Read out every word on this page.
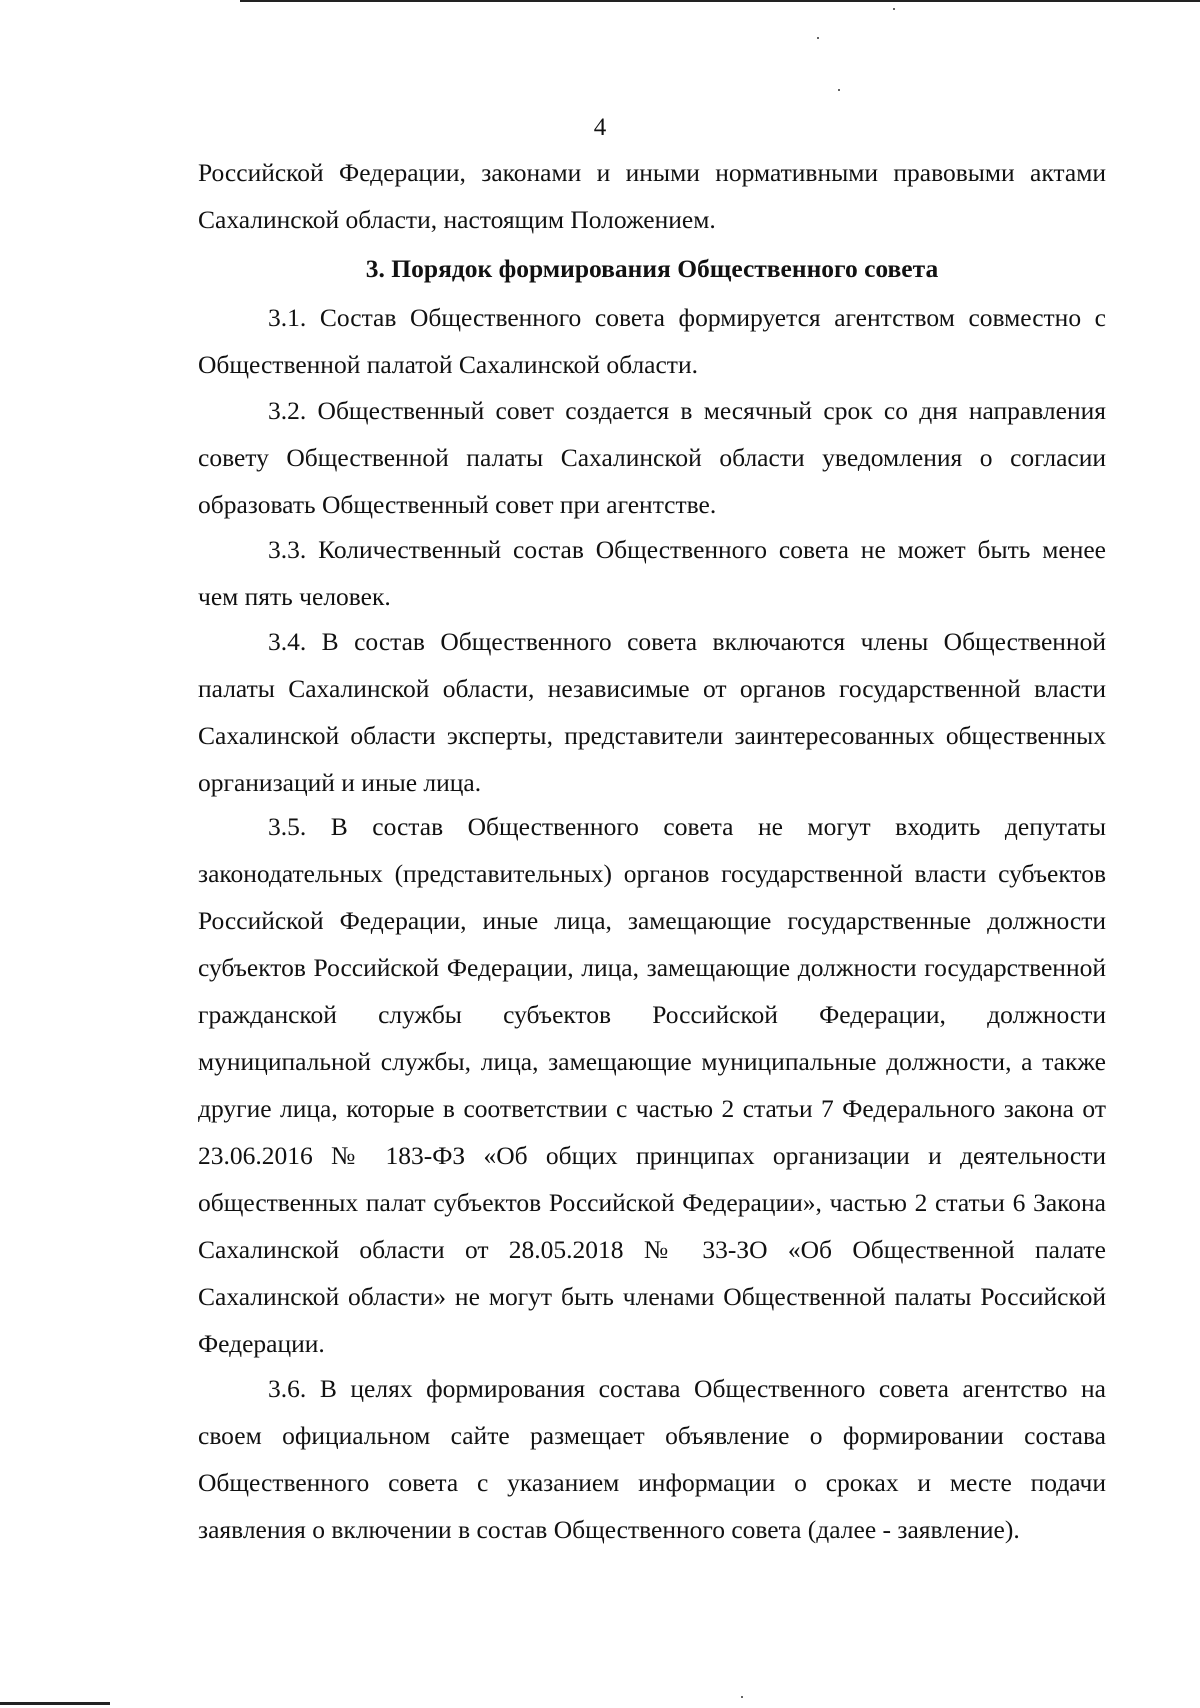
4

Российской Федерации, законами и иными нормативными правовыми актами Сахалинской области, настоящим Положением.

3. Порядок формирования Общественного совета

3.1. Состав Общественного совета формируется агентством совместно с Общественной палатой Сахалинской области.

3.2. Общественный совет создается в месячный срок со дня направления совету Общественной палаты Сахалинской области уведомления о согласии образовать Общественный совет при агентстве.

3.3. Количественный состав Общественного совета не может быть менее чем пять человек.

3.4. В состав Общественного совета включаются члены Общественной палаты Сахалинской области, независимые от органов государственной власти Сахалинской области эксперты, представители заинтересованных общественных организаций и иные лица.

3.5. В состав Общественного совета не могут входить депутаты законодательных (представительных) органов государственной власти субъектов Российской Федерации, иные лица, замещающие государственные должности субъектов Российской Федерации, лица, замещающие должности государственной гражданской службы субъектов Российской Федерации, должности муниципальной службы, лица, замещающие муниципальные должности, а также другие лица, которые в соответствии с частью 2 статьи 7 Федерального закона от 23.06.2016 № 183-ФЗ «Об общих принципах организации и деятельности общественных палат субъектов Российской Федерации», частью 2 статьи 6 Закона Сахалинской области от 28.05.2018 № 33-ЗО «Об Общественной палате Сахалинской области» не могут быть членами Общественной палаты Российской Федерации.

3.6. В целях формирования состава Общественного совета агентство на своем официальном сайте размещает объявление о формировании состава Общественного совета с указанием информации о сроках и месте подачи заявления о включении в состав Общественного совета (далее - заявление).
